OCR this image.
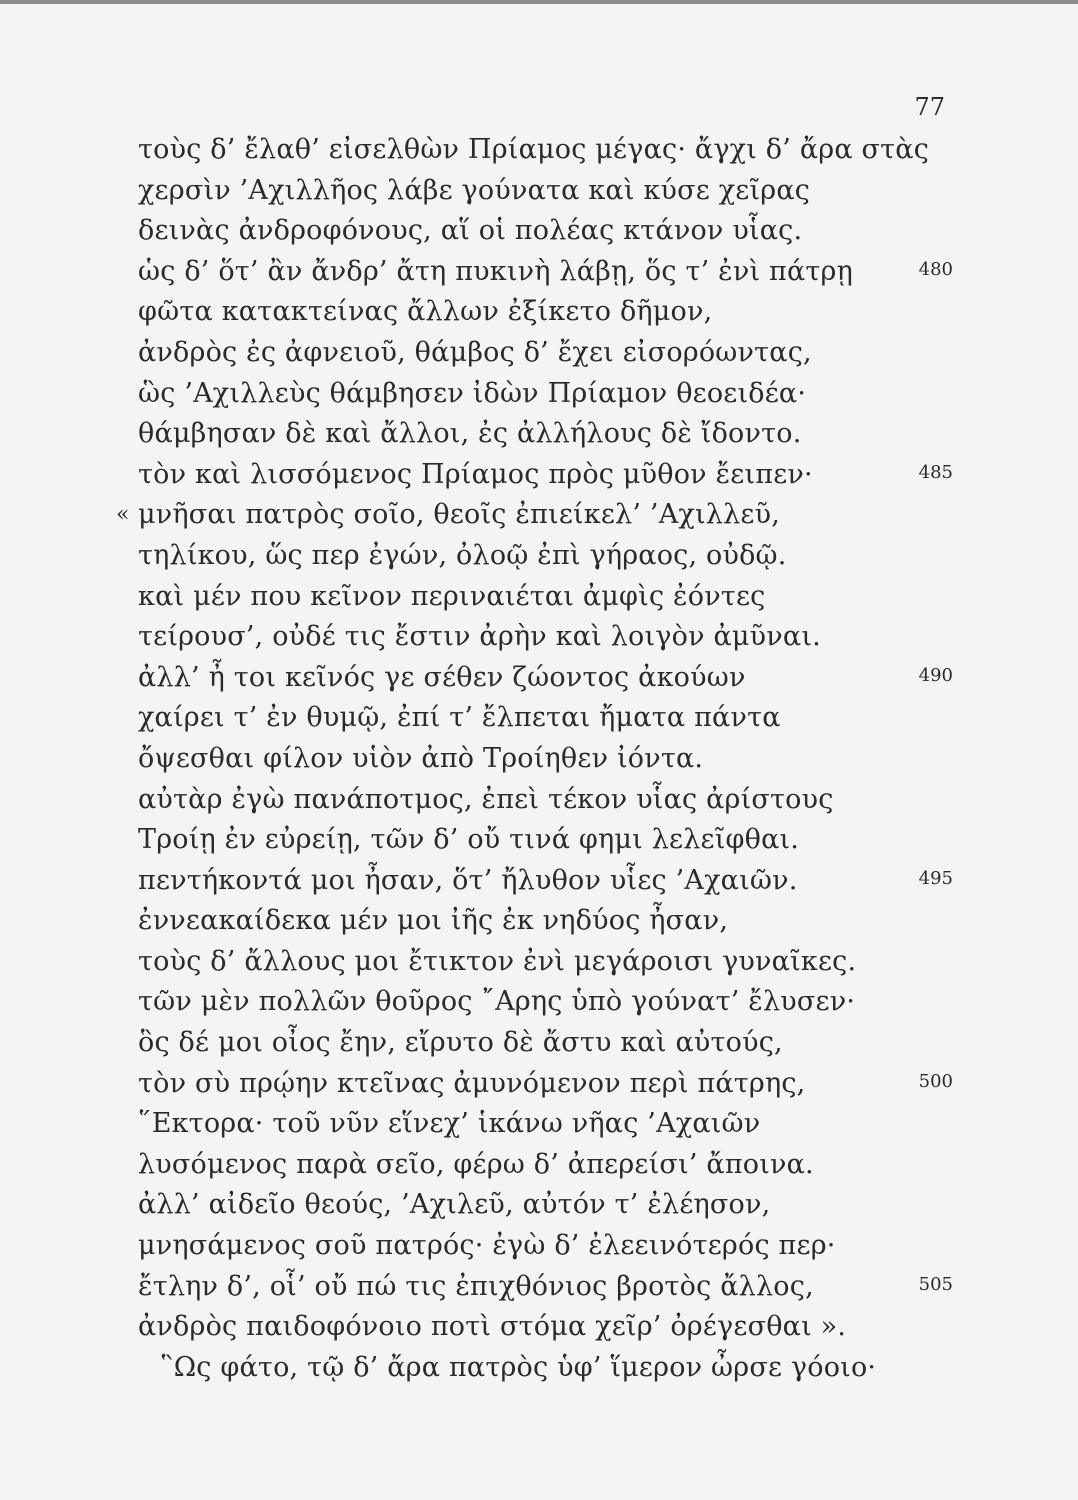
77
τοὺς δ’ ἔλαθ’ εἰσελθὼν Πρίαμος μέγας· ἄγχι δ’ ἄρα στὰς
χερσὶν ’Αχιλλῆος λάβε γούνατα καὶ κύσε χεῖρας
δεινὰς ἀνδροφόνους, αἵ οἱ πολέας κτάνον υἷας.
ὡς δ’ ὅτ’ ἂν ἄνδρ’ ἄτη πυκινὴ λάβῃ, ὅς τ’ ἐνὶ πάτρῃ	480
φῶτα κατακτείνας ἄλλων ἐξίκετο δῆμον,
ἀνδρὸς ἐς ἀφνειοῦ, θάμβος δ’ ἔχει εἰσορόωντας,
ὣς ’Αχιλλεὺς θάμβησεν ἰδὼν Πρίαμον θεοειδέα·
θάμβησαν δὲ καὶ ἄλλοι, ἐς ἀλλήλους δὲ ἴδοντο.
τὸν καὶ λισσόμενος Πρίαμος πρὸς μῦθον ἔειπεν·	485
« μνῆσαι πατρὸς σοῖο, θεοῖς ἐπιείκελ’ ’Αχιλλεῦ,
τηλίκου, ὥς περ ἐγών, ὀλοῷ ἐπὶ γήραος, οὐδῷ.
καὶ μέν που κεῖνον περιναιέται ἀμφὶς ἐόντες
τείρουσ’, οὐδέ τις ἔστιν ἀρὴν καὶ λοιγὸν ἀμῦναι.
ἀλλ’ ἦ τοι κεῖνός γε σέθεν ζώοντος ἀκούων	490
χαίρει τ’ ἐν θυμῷ, ἐπί τ’ ἔλπεται ἤματα πάντα
ὄψεσθαι φίλον υἱὸν ἀπὸ Τροίηθεν ἰόντα.
αὐτὰρ ἐγὼ πανάποτμος, ἐπεὶ τέκον υἷας ἀρίστους
Τροίῃ ἐν εὐρείῃ, τῶν δ’ οὔ τινά φημι λελεῖφθαι.
πεντήκοντά μοι ἦσαν, ὅτ’ ἤλυθον υἷες ’Αχαιῶν.	495
ἐννεακαίδεκα μέν μοι ἰῆς ἐκ νηδύος ἦσαν,
τοὺς δ’ ἄλλους μοι ἔτικτον ἐνὶ μεγάροισι γυναῖκες.
τῶν μὲν πολλῶν θοῦρος ῎Αρης ὑπὸ γούνατ’ ἔλυσεν·
ὃς δέ μοι οἶος ἔην, εἴρυτο δὲ ἄστυ καὶ αὐτούς,
τὸν σὺ πρῴην κτεῖνας ἀμυνόμενον περὶ πάτρης,	500
῞Εκτορα· τοῦ νῦν εἵνεχ’ ἱκάνω νῆας ’Αχαιῶν
λυσόμενος παρὰ σεῖο, φέρω δ’ ἀπερείσι’ ἄποινα.
ἀλλ’ αἰδεῖο θεούς, ’Αχιλεῦ, αὐτόν τ’ ἐλέησον,
μνησάμενος σοῦ πατρός· ἐγὼ δ’ ἐλεεινότερός περ·
ἔτλην δ’, οἷ’ οὔ πώ τις ἐπιχθόνιος βροτὸς ἄλλος,	505
ἀνδρὸς παιδοφόνοιο ποτὶ στόμα χεῖρ’ ὀρέγεσθαι ».
῝Ως φάτο, τῷ δ’ ἄρα πατρὸς ὑφ’ ἵμερον ὦρσε γόοιο·
